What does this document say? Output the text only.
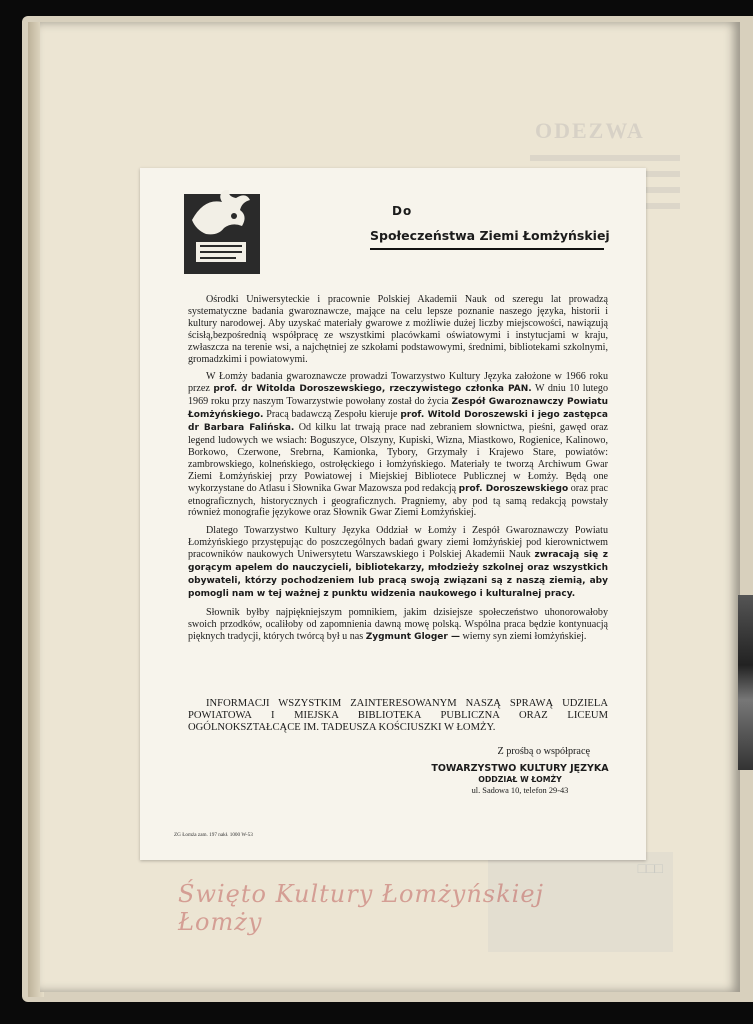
ODEZWA
□□□
Święto Kultury Łomżyńskiej Łomży
Do
Społeczeństwa Ziemi Łomżyńskiej

Ośrodki Uniwersyteckie i pracownie Polskiej Akademii Nauk od szeregu lat prowadzą systematyczne badania gwaroznawcze, mające na celu lepsze poznanie naszego języka, historii i kultury narodowej. Aby uzyskać materiały gwarowe z możliwie dużej liczby miejscowości, nawiązują ścisłą,bezpośrednią współpracę ze wszystkimi placówkami oświatowymi i instytucjami w kraju, zwłaszcza na terenie wsi, a najchętniej ze szkołami podstawowymi, średnimi, bibliotekami szkolnymi, gromadzkimi i powiatowymi.

W Łomży badania gwaroznawcze prowadzi Towarzystwo Kultury Języka założone w 1966 roku przez prof. dr Witolda Doroszewskiego, rzeczywistego członka PAN. W dniu 10 lutego 1969 roku przy naszym Towarzystwie powołany został do życia Zespół Gwaroznawczy Powiatu Łomżyńskiego. Pracą badawczą Zespołu kieruje prof. Witold Doroszewski i jego zastępca dr Barbara Falińska. Od kilku lat trwają prace nad zebraniem słownictwa, pieśni, gawęd oraz legend ludowych we wsiach: Boguszyce, Olszyny, Kupiski, Wizna, Miastkowo, Rogienice, Kalinowo, Borkowo, Czerwone, Srebrna, Kamionka, Tybory, Grzymały i Krajewo Stare, powiatów: zambrowskiego, kolneńskiego, ostrołęckiego i łomżyńskiego. Materiały te tworzą Archiwum Gwar Ziemi Łomżyńskiej przy Powiatowej i Miejskiej Bibliotece Publicznej w Łomży. Będą one wykorzystane do Atlasu i Słownika Gwar Mazowsza pod redakcją prof. Doroszewskiego oraz prac etnograficznych, historycznych i geograficznych. Pragniemy, aby pod tą samą redakcją powstały również monografie językowe oraz Słownik Gwar Ziemi Łomżyńskiej.

Dlatego Towarzystwo Kultury Języka Oddział w Łomży i Zespół Gwaroznawczy Powiatu Łomżyńskiego przystępując do poszczególnych badań gwary ziemi łomżyńskiej pod kierownictwem pracowników naukowych Uniwersytetu Warszawskiego i Polskiej Akademii Nauk zwracają się z gorącym apelem do nauczycieli, bibliotekarzy, młodzieży szkolnej oraz wszystkich obywateli, którzy pochodzeniem lub pracą swoją związani są z naszą ziemią, aby pomogli nam w tej ważnej z punktu widzenia naukowego i kulturalnej pracy.

Słownik byłby najpiękniejszym pomnikiem, jakim dzisiejsze społeczeństwo uhonorowałoby swoich przodków, ocaliłoby od zapomnienia dawną mowę polską. Wspólna praca będzie kontynuacją pięknych tradycji, których twórcą był u nas Zygmunt Gloger — wierny syn ziemi łomżyńskiej.

INFORMACJI WSZYSTKIM ZAINTERESOWANYM NASZĄ SPRAWĄ UDZIELA POWIATOWA I MIEJSKA BIBLIOTEKA PUBLICZNA ORAZ LICEUM OGÓLNOKSZTAŁCĄCE IM. TADEUSZA KOŚCIUSZKI W ŁOMŻY.
Z prośbą o współpracę
TOWARZYSTWO KULTURY JĘZYKA
ODDZIAŁ W ŁOMŻY
ul. Sadowa 10, telefon 29-43
ZG Łomża zam. 197 nakł. 1000 W-53
